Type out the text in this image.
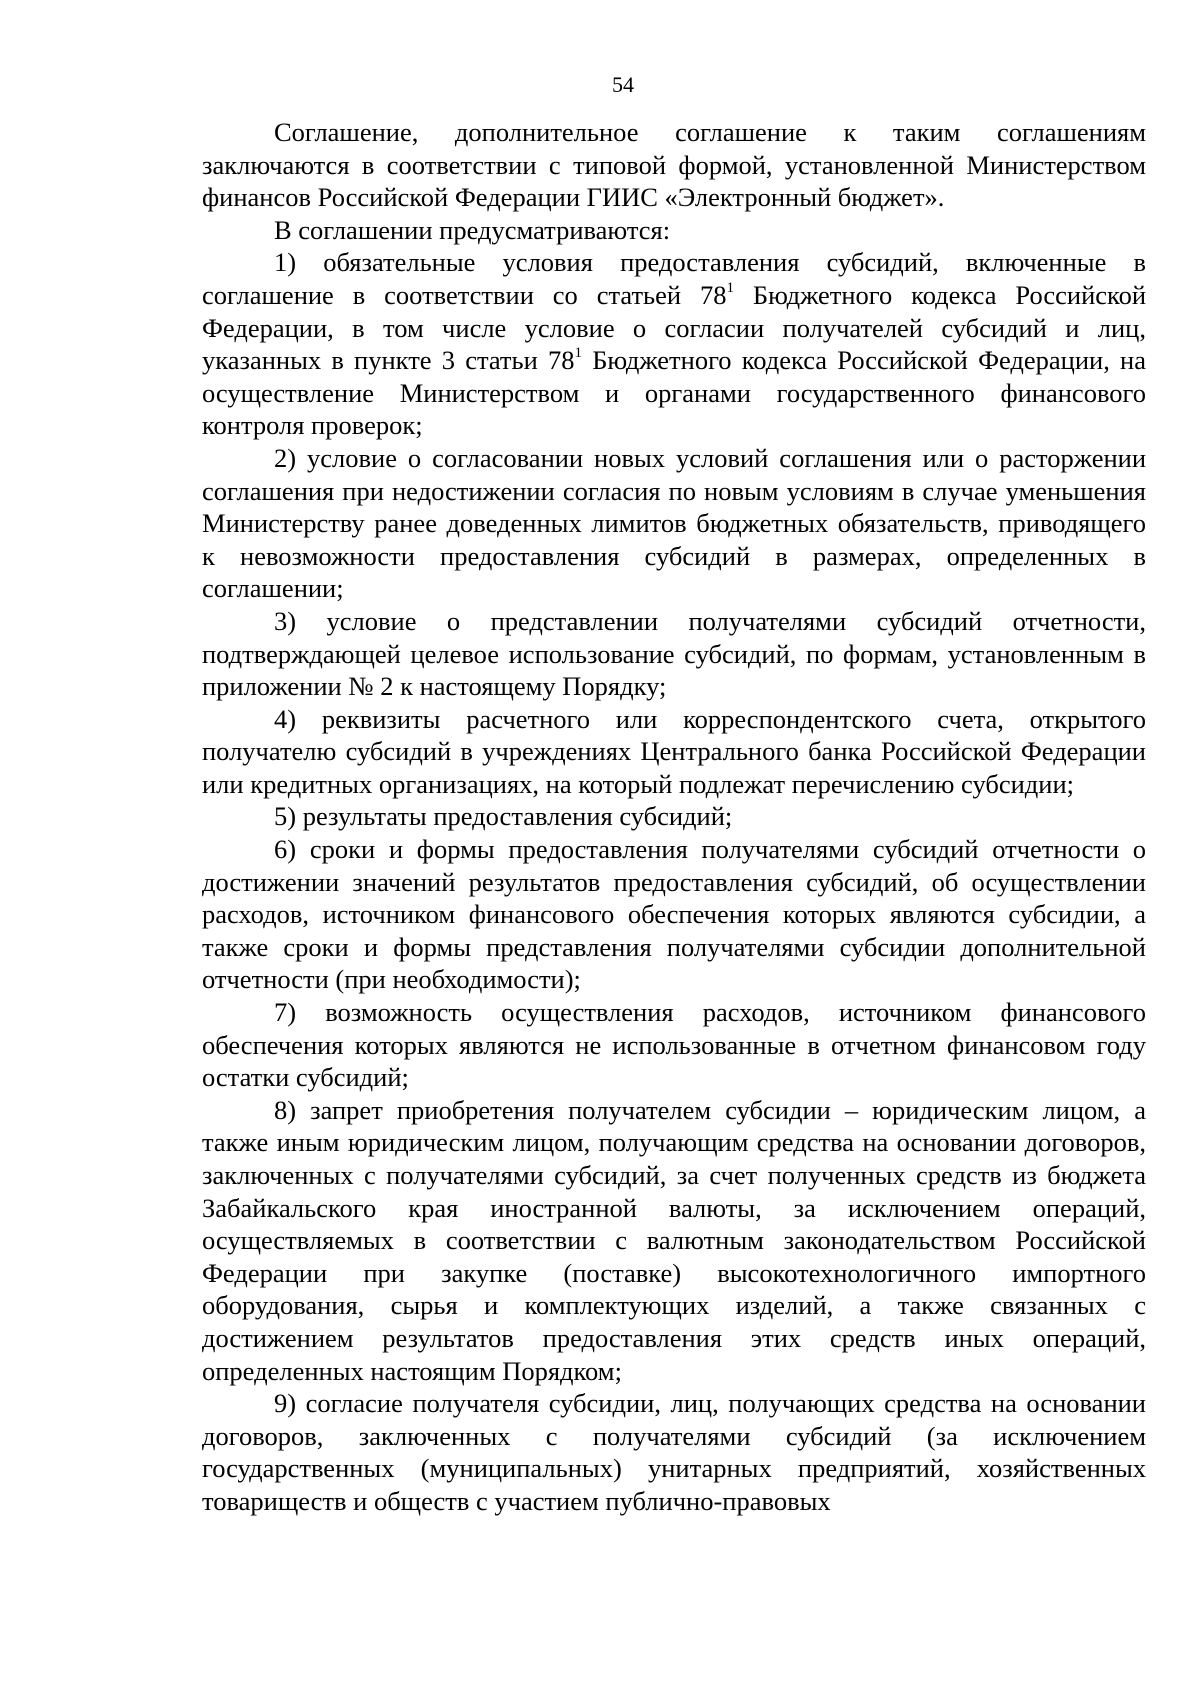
54

Соглашение, дополнительное соглашение к таким соглашениям заключаются в соответствии с типовой формой, установленной Министерством финансов Российской Федерации ГИИС «Электронный бюджет».

В соглашении предусматриваются:

1) обязательные условия предоставления субсидий, включенные в соглашение в соответствии со статьей $78^1$ Бюджетного кодекса Российской Федерации, в том числе условие о согласии получателей субсидий и лиц, указанных в пункте 3 статьи $78^1$ Бюджетного кодекса Российской Федерации, на осуществление Министерством и органами государственного финансового контроля проверок;

2) условие о согласовании новых условий соглашения или о расторжении соглашения при недостижении согласия по новым условиям в случае уменьшения Министерству ранее доведенных лимитов бюджетных обязательств, приводящего к невозможности предоставления субсидий в размерах, определенных в соглашении;

3) условие о представлении получателями субсидий отчетности, подтверждающей целевое использование субсидий, по формам, установленным в приложении № 2 к настоящему Порядку;

4) реквизиты расчетного или корреспондентского счета, открытого получателю субсидий в учреждениях Центрального банка Российской Федерации или кредитных организациях, на который подлежат перечислению субсидии;

5) результаты предоставления субсидий;

6) сроки и формы предоставления получателями субсидий отчетности о достижении значений результатов предоставления субсидий, об осуществлении расходов, источником финансового обеспечения которых являются субсидии, а также сроки и формы представления получателями субсидии дополнительной отчетности (при необходимости);

7) возможность осуществления расходов, источником финансового обеспечения которых являются не использованные в отчетном финансовом году остатки субсидий;

8) запрет приобретения получателем субсидии – юридическим лицом, а также иным юридическим лицом, получающим средства на основании договоров, заключенных с получателями субсидий, за счет полученных средств из бюджета Забайкальского края иностранной валюты, за исключением операций, осуществляемых в соответствии с валютным законодательством Российской Федерации при закупке (поставке) высокотехнологичного импортного оборудования, сырья и комплектующих изделий, а также связанных с достижением результатов предоставления этих средств иных операций, определенных настоящим Порядком;

9) согласие получателя субсидии, лиц, получающих средства на основании договоров, заключенных с получателями субсидий (за исключением государственных (муниципальных) унитарных предприятий, хозяйственных товариществ и обществ с участием публично-правовых
